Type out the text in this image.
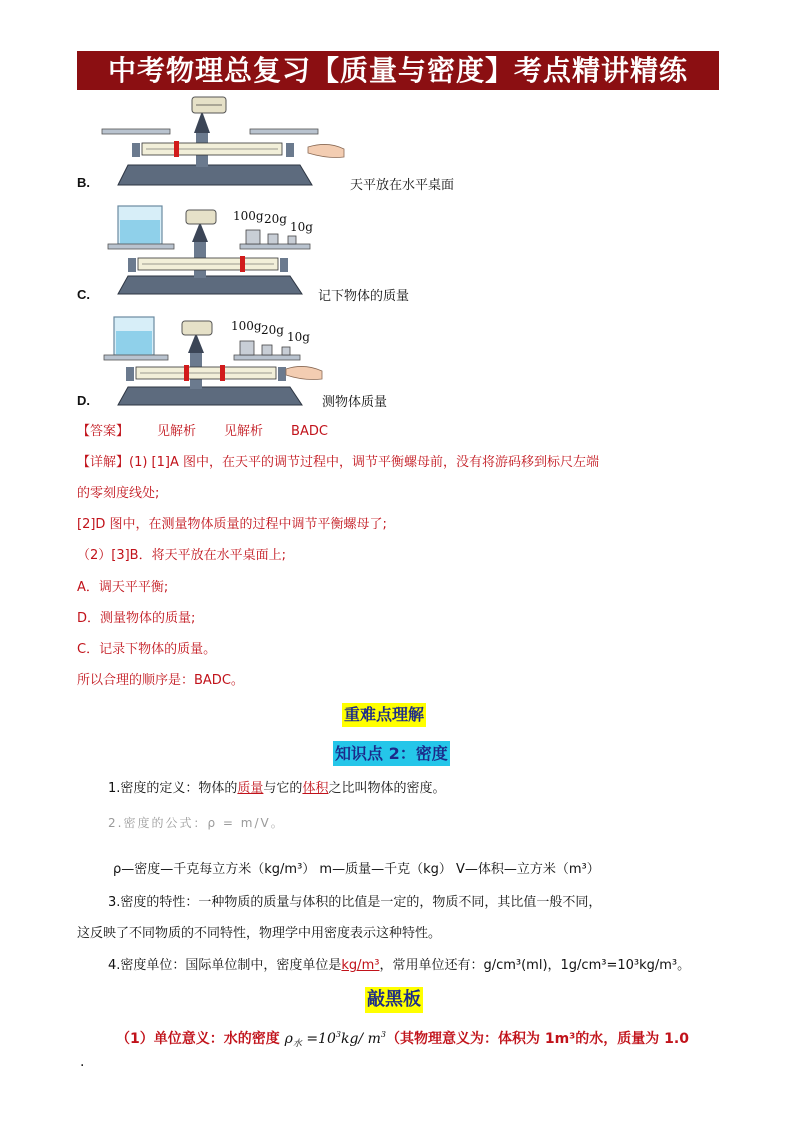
中考物理总复习【质量与密度】考点精讲精练
B.	天平放在水平桌面
100g 20g
10g
C.	记下物体的质量
100g 20g 10g
D.	测物体质量
【答案】 见解析 见解析 BADC
【详解】(1) [1]A 图中，在天平的调节过程中，调节平衡螺母前，没有将游码移到标尺左端
的零刻度线处;
[2]D 图中，在测量物体质量的过程中调节平衡螺母了;
（2）[3]B．将天平放在水平桌面上;
A．调天平平衡;
D．测量物体的质量;
C．记录下物体的质量。
所以合理的顺序是：BADC。
重难点理解
知识点 2：密度
1.密度的定义：物体的质量与它的体积之比叫物体的密度。
2.密度的公式：ρ = m/V。
ρ—密度—千克每立方米（kg/m³） m—质量—千克（kg） V—体积—立方米（m³）
3.密度的特性：一种物质的质量与体积的比值是一定的，物质不同，其比值一般不同，
这反映了不同物质的不同特性，物理学中用密度表示这种特性。
4.密度单位：国际单位制中，密度单位是kg/m³，常用单位还有：g/cm³(ml)，1g/cm³=10³kg/m³。
敲黑板
（1）单位意义：水的密度 $\rho_水 =10^3kg/$ $m^3$（其物理意义为：体积为 1m³的水，质量为 1.0
·
